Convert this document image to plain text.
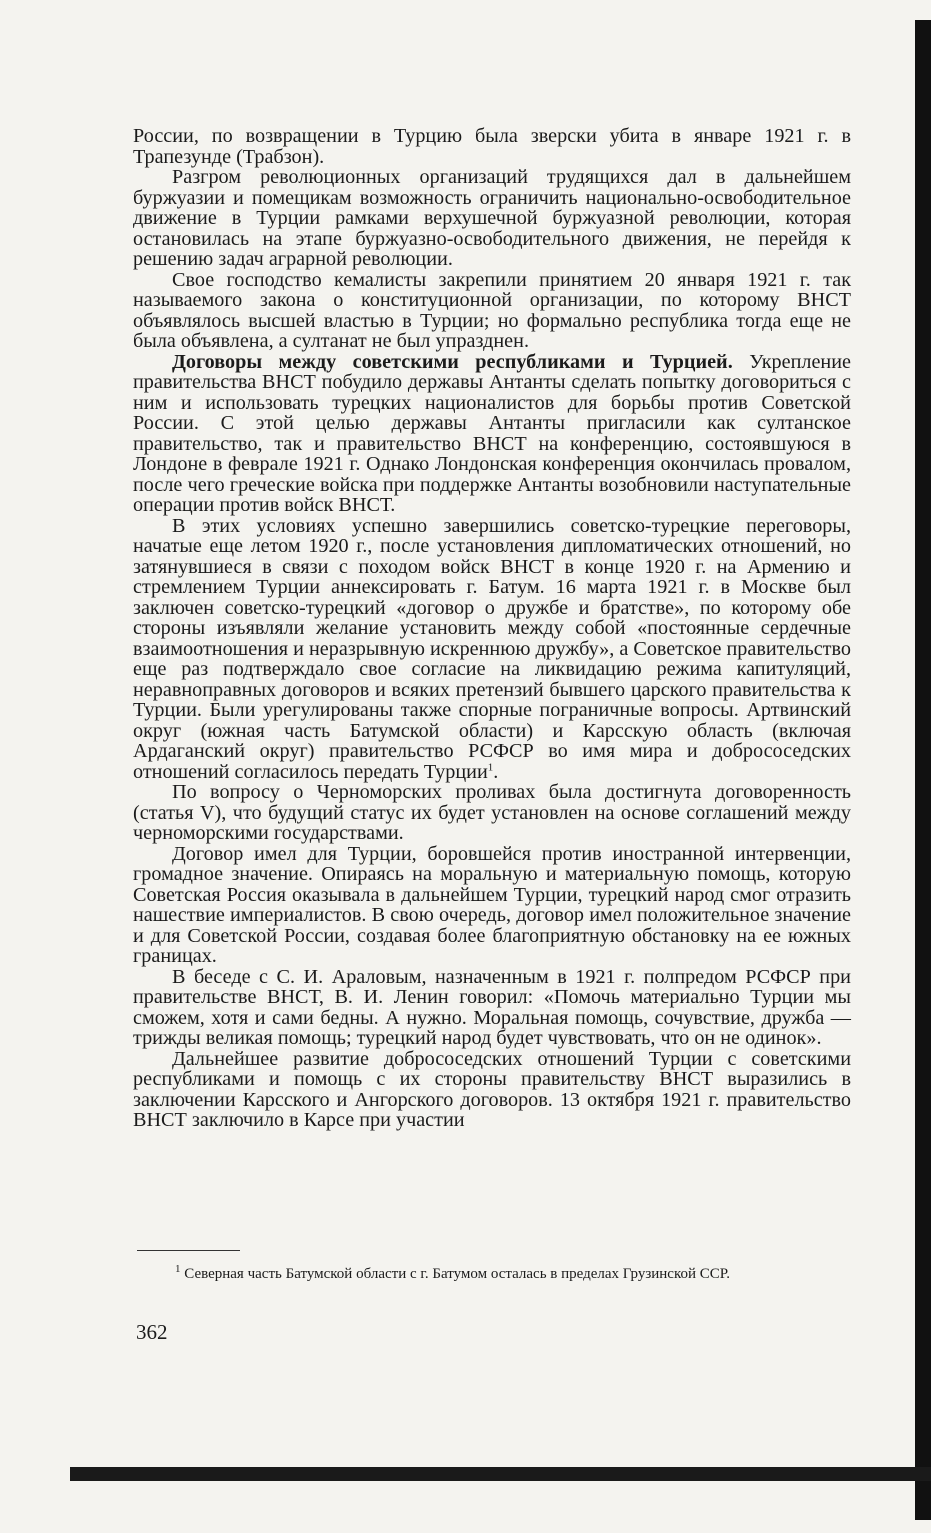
России, по возвращении в Турцию была зверски убита в январе 1921 г. в Трапезунде (Трабзон).

Разгром революционных организаций трудящихся дал в дальнейшем буржуазии и помещикам возможность ограничить национально-освободительное движение в Турции рамками верхушечной буржуазной революции, которая остановилась на этапе буржуазно-освободительного движения, не перейдя к решению задач аграрной революции.

Свое господство кемалисты закрепили принятием 20 января 1921 г. так называемого закона о конституционной организации, по которому ВНСТ объявлялось высшей властью в Турции; но формально республика тогда еще не была объявлена, а султанат не был упразднен.

Договоры между советскими республиками и Турцией. Укрепление правительства ВНСТ побудило державы Антанты сделать попытку договориться с ним и использовать турецких националистов для борьбы против Советской России. С этой целью державы Антанты пригласили как султанское правительство, так и правительство ВНСТ на конференцию, состоявшуюся в Лондоне в феврале 1921 г. Однако Лондонская конференция окончилась провалом, после чего греческие войска при поддержке Антанты возобновили наступательные операции против войск ВНСТ.

В этих условиях успешно завершились советско-турецкие переговоры, начатые еще летом 1920 г., после установления дипломатических отношений, но затянувшиеся в связи с походом войск ВНСТ в конце 1920 г. на Армению и стремлением Турции аннексировать г. Батум. 16 марта 1921 г. в Москве был заключен советско-турецкий «договор о дружбе и братстве», по которому обе стороны изъявляли желание установить между собой «постоянные сердечные взаимоотношения и неразрывную искреннюю дружбу», а Советское правительство еще раз подтверждало свое согласие на ликвидацию режима капитуляций, неравноправных договоров и всяких претензий бывшего царского правительства к Турции. Были урегулированы также спорные пограничные вопросы. Артвинский округ (южная часть Батумской области) и Карсскую область (включая Ардаганский округ) правительство РСФСР во имя мира и добрососедских отношений согласилось передать Турции$^1$.

По вопросу о Черноморских проливах была достигнута договоренность (статья V), что будущий статус их будет установлен на основе соглашений между черноморскими государствами.

Договор имел для Турции, боровшейся против иностранной интервенции, громадное значение. Опираясь на моральную и материальную помощь, которую Советская Россия оказывала в дальнейшем Турции, турецкий народ смог отразить нашествие империалистов. В свою очередь, договор имел положительное значение и для Советской России, создавая более благоприятную обстановку на ее южных границах.

В беседе с С. И. Араловым, назначенным в 1921 г. полпредом РСФСР при правительстве ВНСТ, В. И. Ленин говорил: «Помочь материально Турции мы сможем, хотя и сами бедны. А нужно. Моральная помощь, сочувствие, дружба — трижды великая помощь; турецкий народ будет чувствовать, что он не одинок».

Дальнейшее развитие добрососедских отношений Турции с советскими республиками и помощь с их стороны правительству ВНСТ выразились в заключении Карсского и Ангорского договоров. 13 октября 1921 г. правительство ВНСТ заключило в Карсе при участии

$^1$ Северная часть Батумской области с г. Батумом осталась в пределах Грузинской ССР.
362
